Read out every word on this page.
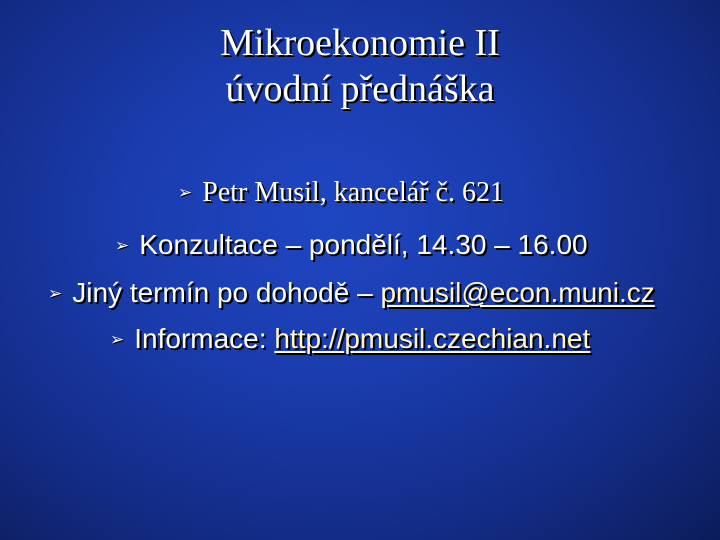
Mikroekonomie II
úvodní přednáška
➢ Petr Musil, kancelář č. 621
➢ Konzultace – pondělí, 14.30 – 16.00
➢ Jiný termín po dohodě – pmusil@econ.muni.cz
➢ Informace: http://pmusil.czechian.net
